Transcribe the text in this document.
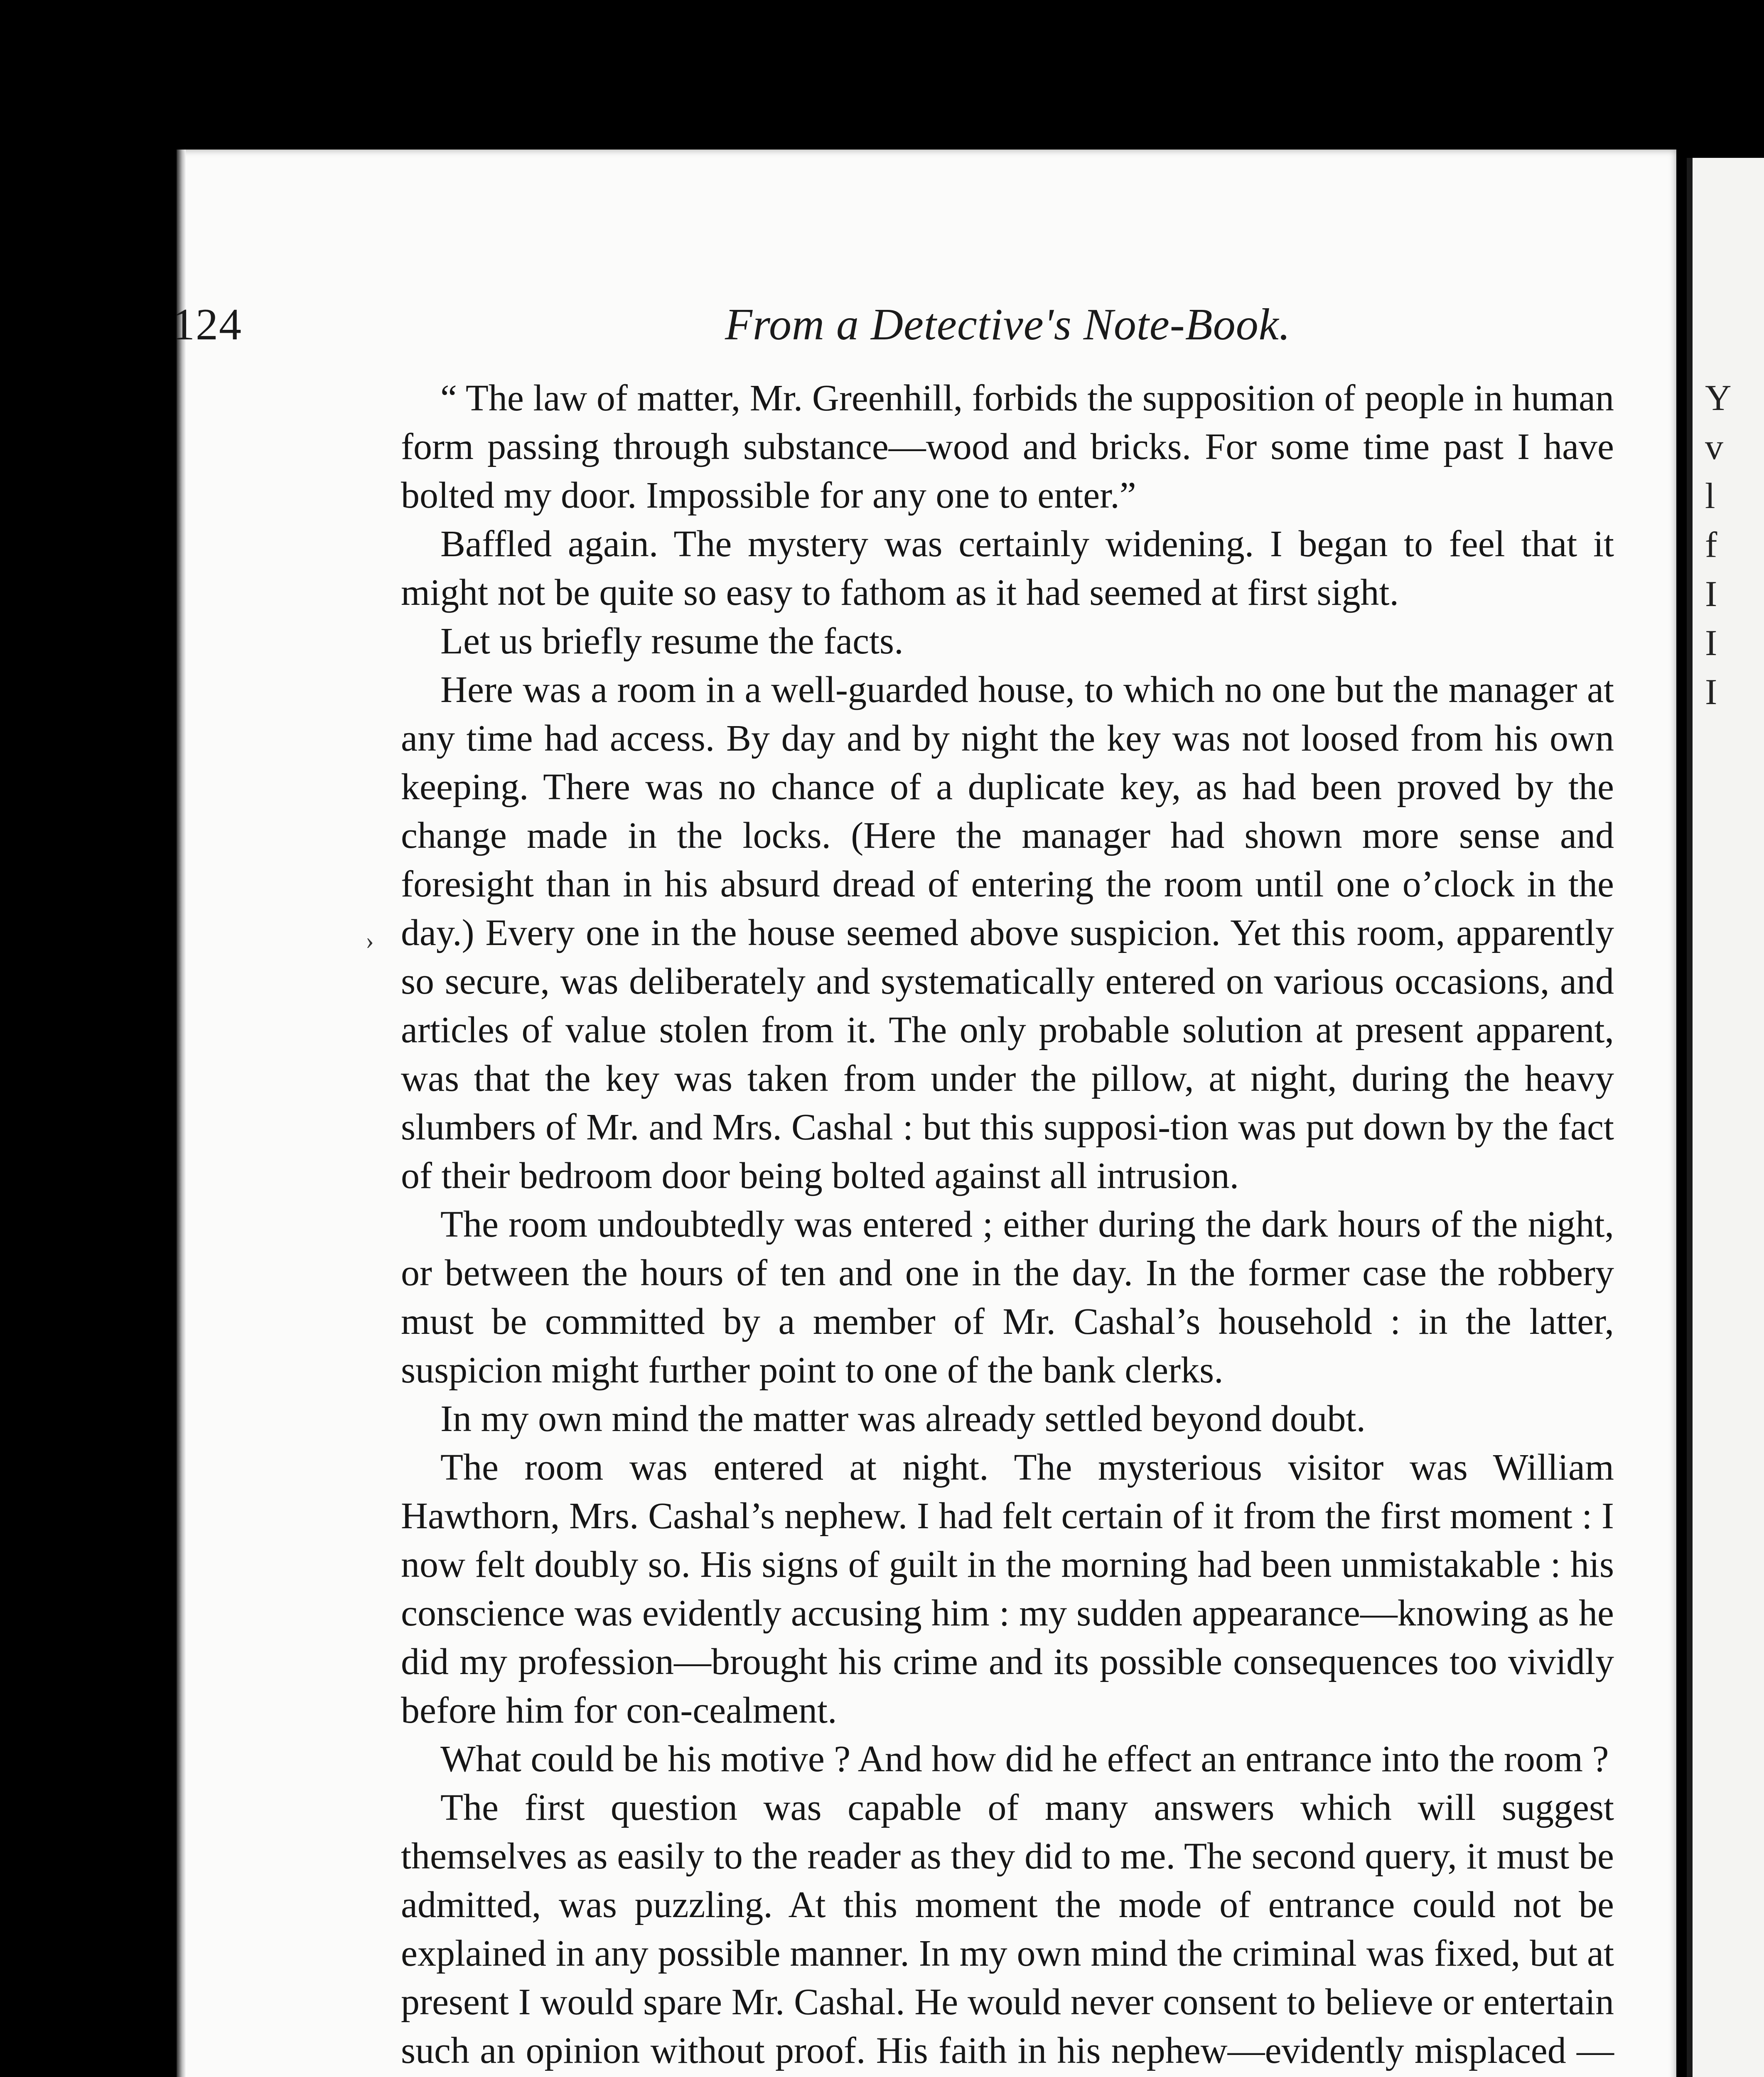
Y
v
l
f
I
I
I
124	From a Detective's Note-Book.
›

“ The law of matter, Mr. Greenhill, forbids the supposition of people in human form passing through substance—wood and bricks. For some time past I have bolted my door. Impossible for any one to enter.”

Baffled again. The mystery was certainly widening. I began to feel that it might not be quite so easy to fathom as it had seemed at first sight.

Let us briefly resume the facts.

Here was a room in a well-guarded house, to which no one but the manager at any time had access. By day and by night the key was not loosed from his own keeping. There was no chance of a duplicate key, as had been proved by the change made in the locks. (Here the manager had shown more sense and foresight than in his absurd dread of entering the room until one o’clock in the day.) Every one in the house seemed above suspicion. Yet this room, apparently so secure, was deliberately and systematically entered on various occasions, and articles of value stolen from it. The only probable solution at present apparent, was that the key was taken from under the pillow, at night, during the heavy slumbers of Mr. and Mrs. Cashal : but this supposi-tion was put down by the fact of their bedroom door being bolted against all intrusion.

The room undoubtedly was entered ; either during the dark hours of the night, or between the hours of ten and one in the day. In the former case the robbery must be committed by a member of Mr. Cashal’s household : in the latter, suspicion might further point to one of the bank clerks.

In my own mind the matter was already settled beyond doubt.

The room was entered at night. The mysterious visitor was William Hawthorn, Mrs. Cashal’s nephew. I had felt certain of it from the first moment : I now felt doubly so. His signs of guilt in the morning had been unmistakable : his conscience was evidently accusing him : my sudden appearance—knowing as he did my profession—brought his crime and its possible consequences too vividly before him for con-cealment.

What could be his motive ? And how did he effect an entrance into the room ?

The first question was capable of many answers which will suggest themselves as easily to the reader as they did to me. The second query, it must be admitted, was puzzling. At this moment the mode of entrance could not be explained in any possible manner. In my own mind the criminal was fixed, but at present I would spare Mr. Cashal. He would never consent to believe or entertain such an opinion without proof. His faith in his nephew—evidently misplaced —
